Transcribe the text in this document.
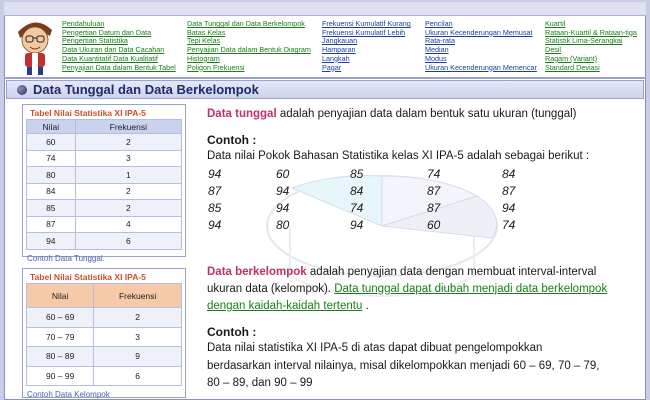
Pendahuluan
Pengertian Datum dan Data
Pengertian Statistika
Data Ukuran dan Data Cacahan
Data Kuantitatif Data Kualitatif
Penyajian Data dalam Bentuk Tabel
Data Tunggal dan Data Berkelompok
Batas Kelas
Tepi Kelas
Penyajian Data dalam Bentuk Diagram
Histogram
Poligon Frekuensi
Frekuensi Kumulatif Kurang
Frekuensi Kumulatif Lebih
Jangkauan
Hamparan
Langkah
Pagar
Pencilan
Ukuran Kecenderungan Memusat
Rata-rata
Median
Modus
Ukuran Kecenderungan Memencar
Kuartil
Rataan-Kuartil & Rataan-tiga
Statistik Lima-Serangkai
Desil
Ragam (Variant)
Standard Deviasi
Data Tunggal dan Data Berkelompok
Tabel Nilai Statistika XI IPA-5
Nilai	Frekuensi
60	2
74	3
80	1
84	2
85	2
87	4
94	6
Contoh Data Tunggal.
Tabel Nilai Statistika XI IPA-5
Nilai	Frekuensi
60 – 69	2
70 – 79	3
80 – 89	9
90 – 99	6
Contoh Data Kelompok
Data tunggal adalah penyajian data dalam bentuk satu ukuran (tunggal)
Contoh :
Data nilai Pokok Bahasan Statistika kelas XI IPA-5 adalah sebagai berikut :
94	60	85	74	84
87	94	84	87	87
85	94	74	87	94
94	80	94	60	74
Data berkelompok adalah penyajian data dengan membuat interval-interval
ukuran data (kelompok). Data tunggal dapat diubah menjadi data berkelompok
dengan kaidah-kaidah tertentu .
Contoh :
Data nilai statistika XI IPA-5 di atas dapat dibuat pengelompokkan
berdasarkan interval nilainya, misal dikelompokkan menjadi 60 – 69, 70 – 79,
80 – 89, dan 90 – 99
